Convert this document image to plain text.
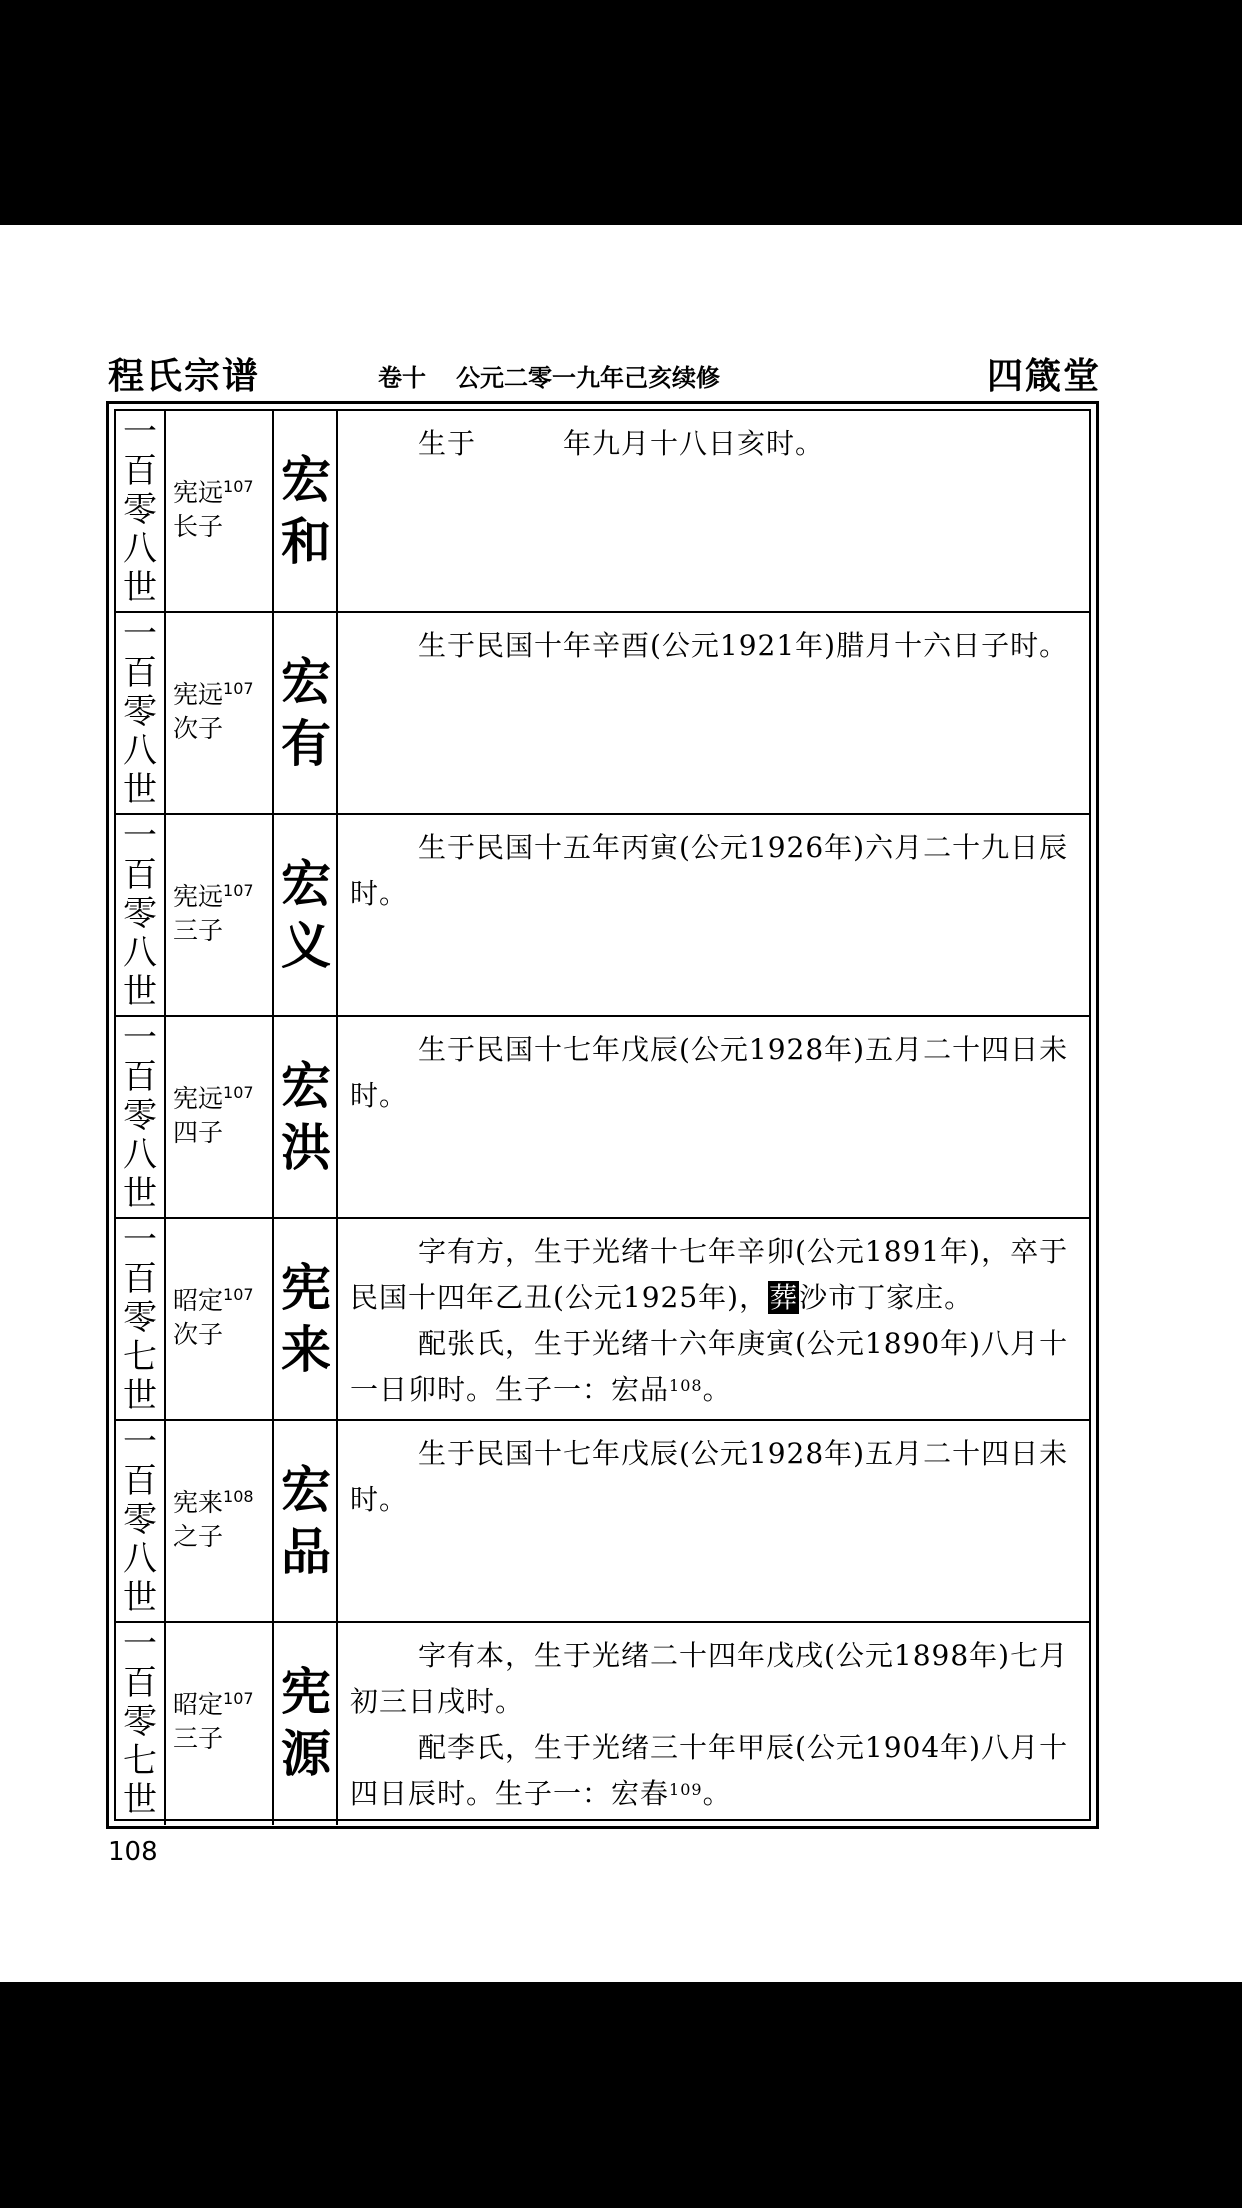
程氏宗谱	卷十 公元二零一九年己亥续修	四箴堂
一百零八世
宪远$^{107}$
长子
宏和

生于　　　年九月十八日亥时。

一百零八世
宪远$^{107}$
次子
宏有

生于民国十年辛酉(公元1921年)腊月十六日子时。

一百零八世
宪远$^{107}$
三子
宏义

生于民国十五年丙寅(公元1926年)六月二十九日辰时。

一百零八世
宪远$^{107}$
四子
宏洪

生于民国十七年戊辰(公元1928年)五月二十四日未时。

一百零七世
昭定$^{107}$
次子
宪来

字有方，生于光绪十七年辛卯(公元1891年)，卒于民国十四年乙丑(公元1925年)，葬沙市丁家庄。

配张氏，生于光绪十六年庚寅(公元1890年)八月十一日卯时。生子一：宏品$^{108}$。

一百零八世
宪来$^{108}$
之子
宏品

生于民国十七年戊辰(公元1928年)五月二十四日未时。

一百零七世
昭定$^{107}$
三子
宪源

字有本，生于光绪二十四年戊戌(公元1898年)七月初三日戌时。

配李氏，生于光绪三十年甲辰(公元1904年)八月十四日辰时。生子一：宏春$^{109}$。

108
